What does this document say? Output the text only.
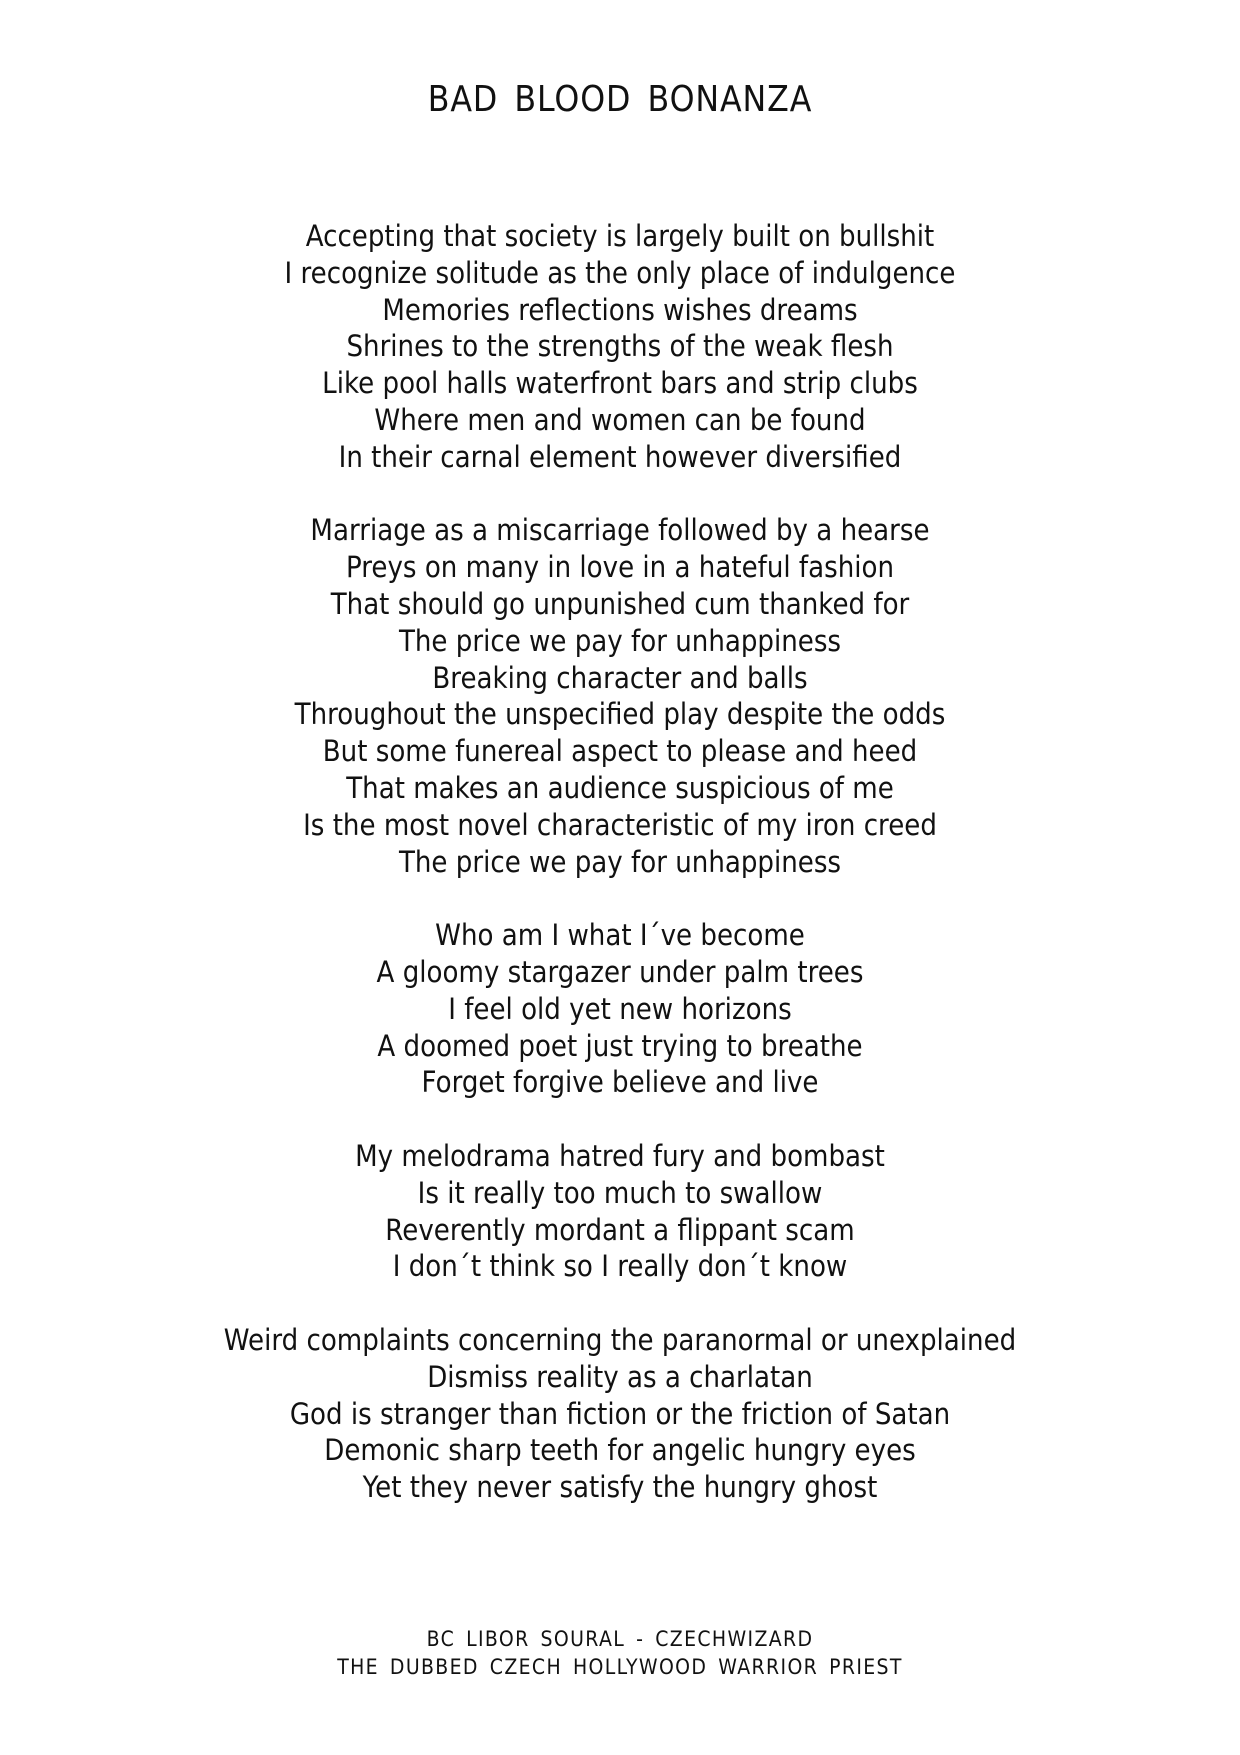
BAD BLOOD BONANZA
Accepting that society is largely built on bullshit
I recognize solitude as the only place of indulgence
Memories reflections wishes dreams
Shrines to the strengths of the weak flesh
Like pool halls waterfront bars and strip clubs
Where men and women can be found
In their carnal element however diversified
Marriage as a miscarriage followed by a hearse
Preys on many in love in a hateful fashion
That should go unpunished cum thanked for
The price we pay for unhappiness
Breaking character and balls
Throughout the unspecified play despite the odds
But some funereal aspect to please and heed
That makes an audience suspicious of me
Is the most novel characteristic of my iron creed
The price we pay for unhappiness
Who am I what I´ve become
A gloomy stargazer under palm trees
I feel old yet new horizons
A doomed poet just trying to breathe
Forget forgive believe and live
My melodrama hatred fury and bombast
Is it really too much to swallow
Reverently mordant a flippant scam
I don´t think so I really don´t know
Weird complaints concerning the paranormal or unexplained
Dismiss reality as a charlatan
God is stranger than fiction or the friction of Satan
Demonic sharp teeth for angelic hungry eyes
Yet they never satisfy the hungry ghost
BC LIBOR SOURAL - CZECHWIZARD
THE DUBBED CZECH HOLLYWOOD WARRIOR PRIEST
